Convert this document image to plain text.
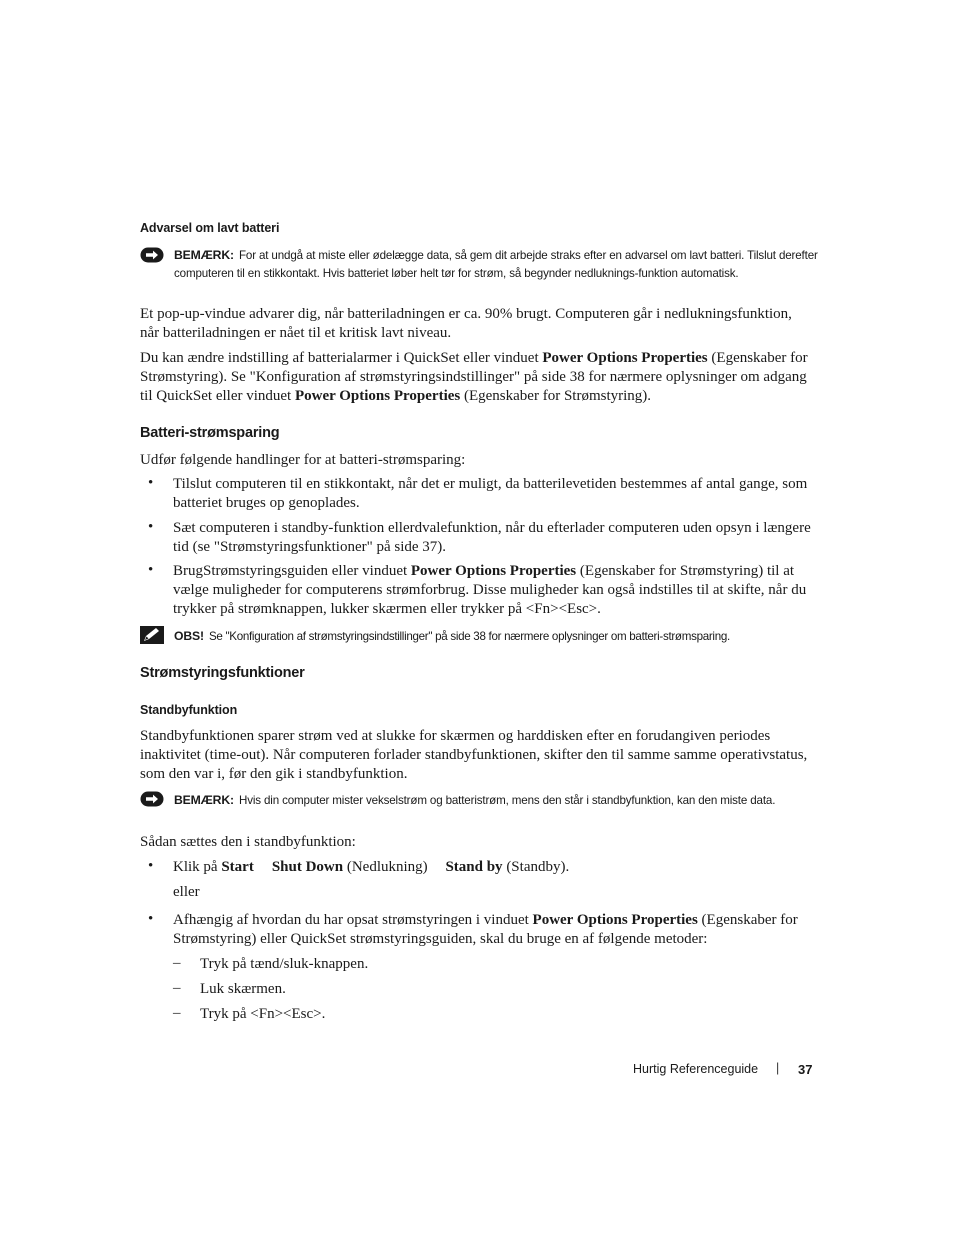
Advarsel om lavt batteri
BEMÆRK: For at undgå at miste eller ødelægge data, så gem dit arbejde straks efter en advarsel om lavt batteri. Tilslut derefter computeren til en stikkontakt. Hvis batteriet løber helt tør for strøm, så begynder nedluknings-funktion automatisk.
Et pop-up-vindue advarer dig, når batteriladningen er ca. 90% brugt. Computeren går i nedlukningsfunktion, når batteriladningen er nået til et kritisk lavt niveau.
Du kan ændre indstilling af batterialarmer i QuickSet eller vinduet Power Options Properties (Egenskaber for Strømstyring). Se "Konfiguration af strømstyringsindstillinger" på side 38 for nærmere oplysninger om adgang til QuickSet eller vinduet Power Options Properties (Egenskaber for Strømstyring).
Batteri-strømsparing
Udfør følgende handlinger for at batteri-strømsparing:
• Tilslut computeren til en stikkontakt, når det er muligt, da batterilevetiden bestemmes af antal gange, som batteriet bruges op genoplades.
• Sæt computeren i standby-funktion ellerdvalefunktion, når du efterlader computeren uden opsyn i længere tid (se "Strømstyringsfunktioner" på side 37).
• BrugStrømstyringsguiden eller vinduet Power Options Properties (Egenskaber for Strømstyring) til at vælge muligheder for computerens strømforbrug. Disse muligheder kan også indstilles til at skifte, når du trykker på strømknappen, lukker skærmen eller trykker på <Fn><Esc>.
OBS! Se "Konfiguration af strømstyringsindstillinger" på side 38 for nærmere oplysninger om batteri-strømsparing.
Strømstyringsfunktioner
Standbyfunktion
Standbyfunktionen sparer strøm ved at slukke for skærmen og harddisken efter en forudangiven periodes inaktivitet (time-out). Når computeren forlader standbyfunktionen, skifter den til samme samme operativstatus, som den var i, før den gik i standbyfunktion.
BEMÆRK: Hvis din computer mister vekselstrøm og batteristrøm, mens den står i standbyfunktion, kan den miste data.
Sådan sættes den i standbyfunktion:
• Klik på Start Shut Down (Nedlukning) Stand by (Standby).
eller
• Afhængig af hvordan du har opsat strømstyringen i vinduet Power Options Properties (Egenskaber for Strømstyring) eller QuickSet strømstyringsguiden, skal du bruge en af følgende metoder:
– Tryk på tænd/sluk-knappen.
– Luk skærmen.
– Tryk på <Fn><Esc>.
Hurtig Referenceguide | 37
